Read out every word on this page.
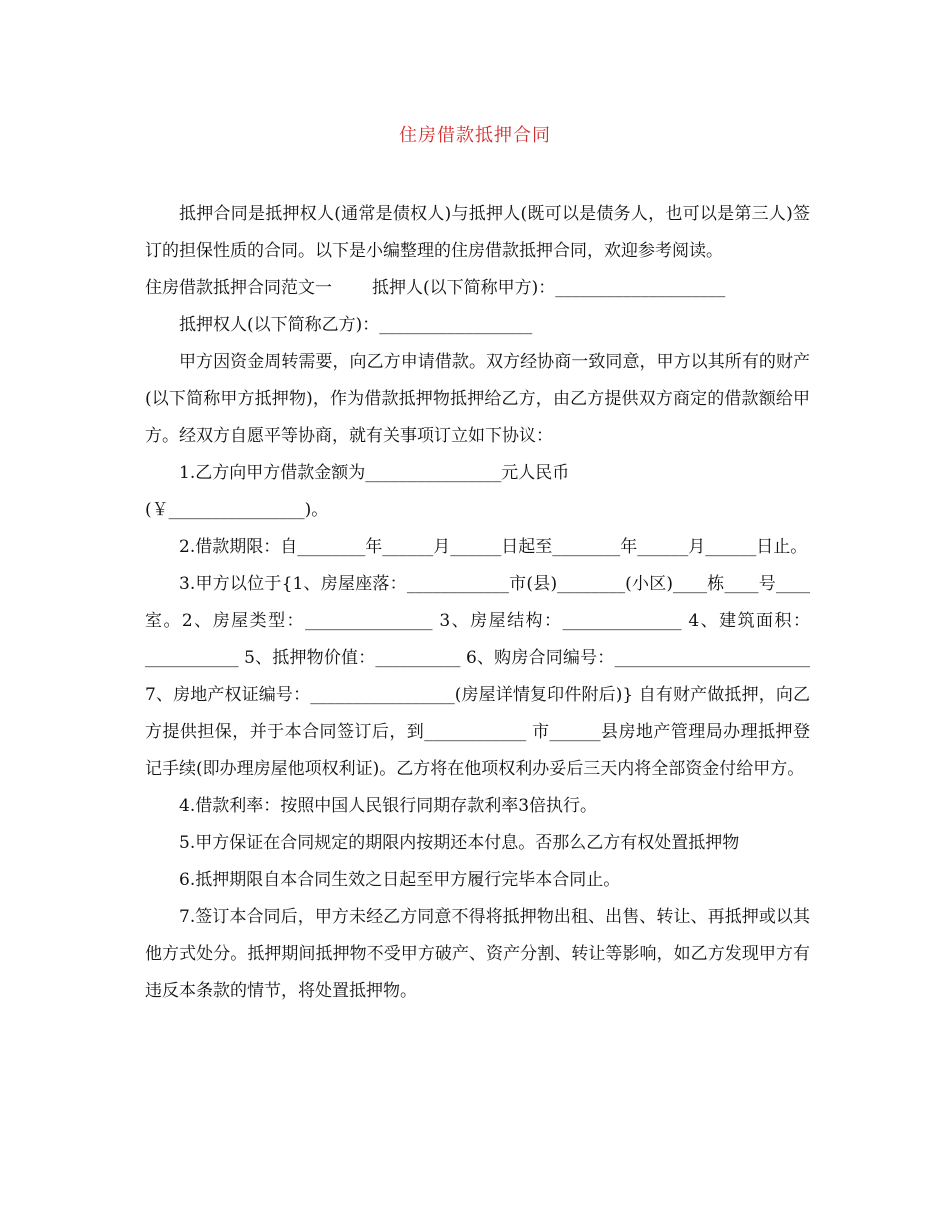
住房借款抵押合同

抵押合同是抵押权人(通常是债权人)与抵押人(既可以是债务人，也可以是第三人)签订的担保性质的合同。以下是小编整理的住房借款抵押合同，欢迎参考阅读。

住房借款抵押合同范文一 抵押人(以下简称甲方)：____________________

抵押权人(以下简称乙方)：__________________

甲方因资金周转需要，向乙方申请借款。双方经协商一致同意，甲方以其所有的财产(以下简称甲方抵押物)，作为借款抵押物抵押给乙方，由乙方提供双方商定的借款额给甲方。经双方自愿平等协商，就有关事项订立如下协议：

1.乙方向甲方借款金额为________________元人民币

(￥________________)。

2.借款期限：自________年______月______日起至________年______月______日止。

3.甲方以位于{1、房屋座落：____________市(县)________(小区)____栋____号____室。2、房屋类型：_______________ 3、房屋结构：______________ 4、建筑面积：___________ 5、抵押物价值：__________ 6、购房合同编号：_______________________ 7、房地产权证编号：_________________(房屋详情复印件附后)} 自有财产做抵押，向乙方提供担保，并于本合同签订后，到____________ 市______县房地产管理局办理抵押登记手续(即办理房屋他项权利证)。乙方将在他项权利办妥后三天内将全部资金付给甲方。

4.借款利率：按照中国人民银行同期存款利率3倍执行。

5.甲方保证在合同规定的期限内按期还本付息。否那么乙方有权处置抵押物

6.抵押期限自本合同生效之日起至甲方履行完毕本合同止。

7.签订本合同后，甲方未经乙方同意不得将抵押物出租、出售、转让、再抵押或以其他方式处分。抵押期间抵押物不受甲方破产、资产分割、转让等影响，如乙方发现甲方有违反本条款的情节，将处置抵押物。
